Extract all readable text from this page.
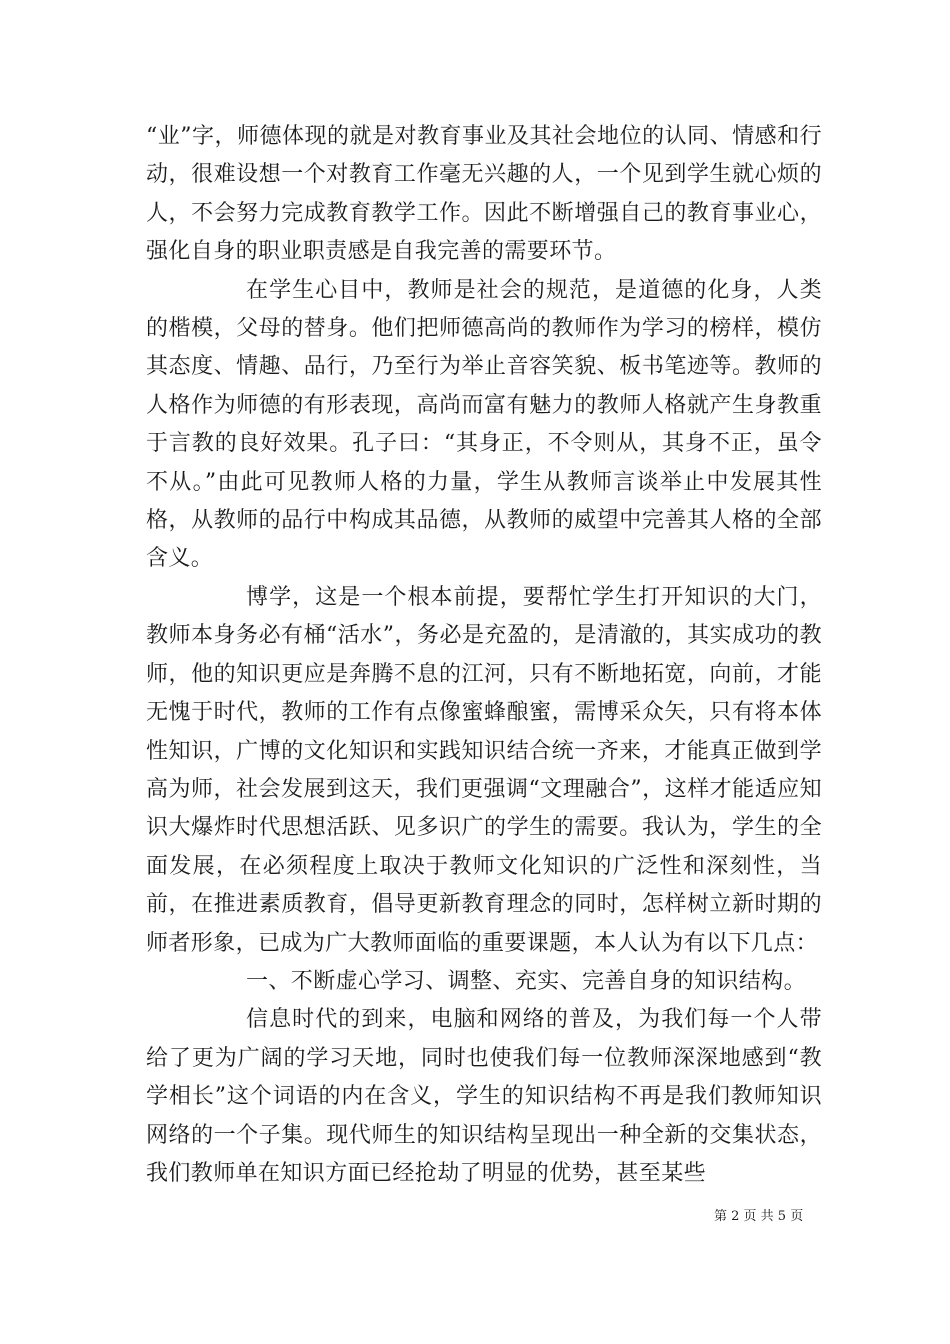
“业”字，师德体现的就是对教育事业及其社会地位的认同、情感和行动，很难设想一个对教育工作毫无兴趣的人，一个见到学生就心烦的人，不会努力完成教育教学工作。因此不断增强自己的教育事业心，强化自身的职业职责感是自我完善的需要环节。

在学生心目中，教师是社会的规范，是道德的化身，人类的楷模，父母的替身。他们把师德高尚的教师作为学习的榜样，模仿其态度、情趣、品行，乃至行为举止音容笑貌、板书笔迹等。教师的人格作为师德的有形表现，高尚而富有魅力的教师人格就产生身教重于言教的良好效果。孔子曰：“其身正，不令则从，其身不正，虽令不从。”由此可见教师人格的力量，学生从教师言谈举止中发展其性格，从教师的品行中构成其品德，从教师的威望中完善其人格的全部含义。

博学，这是一个根本前提，要帮忙学生打开知识的大门，教师本身务必有桶“活水”，务必是充盈的，是清澈的，其实成功的教师，他的知识更应是奔腾不息的江河，只有不断地拓宽，向前，才能无愧于时代，教师的工作有点像蜜蜂酿蜜，需博采众矢，只有将本体性知识，广博的文化知识和实践知识结合统一齐来，才能真正做到学高为师，社会发展到这天，我们更强调“文理融合”，这样才能适应知识大爆炸时代思想活跃、见多识广的学生的需要。我认为，学生的全面发展，在必须程度上取决于教师文化知识的广泛性和深刻性，当前，在推进素质教育，倡导更新教育理念的同时，怎样树立新时期的师者形象，已成为广大教师面临的重要课题，本人认为有以下几点：

一、不断虚心学习、调整、充实、完善自身的知识结构。

信息时代的到来，电脑和网络的普及，为我们每一个人带给了更为广阔的学习天地，同时也使我们每一位教师深深地感到“教学相长”这个词语的内在含义，学生的知识结构不再是我们教师知识网络的一个子集。现代师生的知识结构呈现出一种全新的交集状态，我们教师单在知识方面已经抢劫了明显的优势，甚至某些

第 2 页 共 5 页
